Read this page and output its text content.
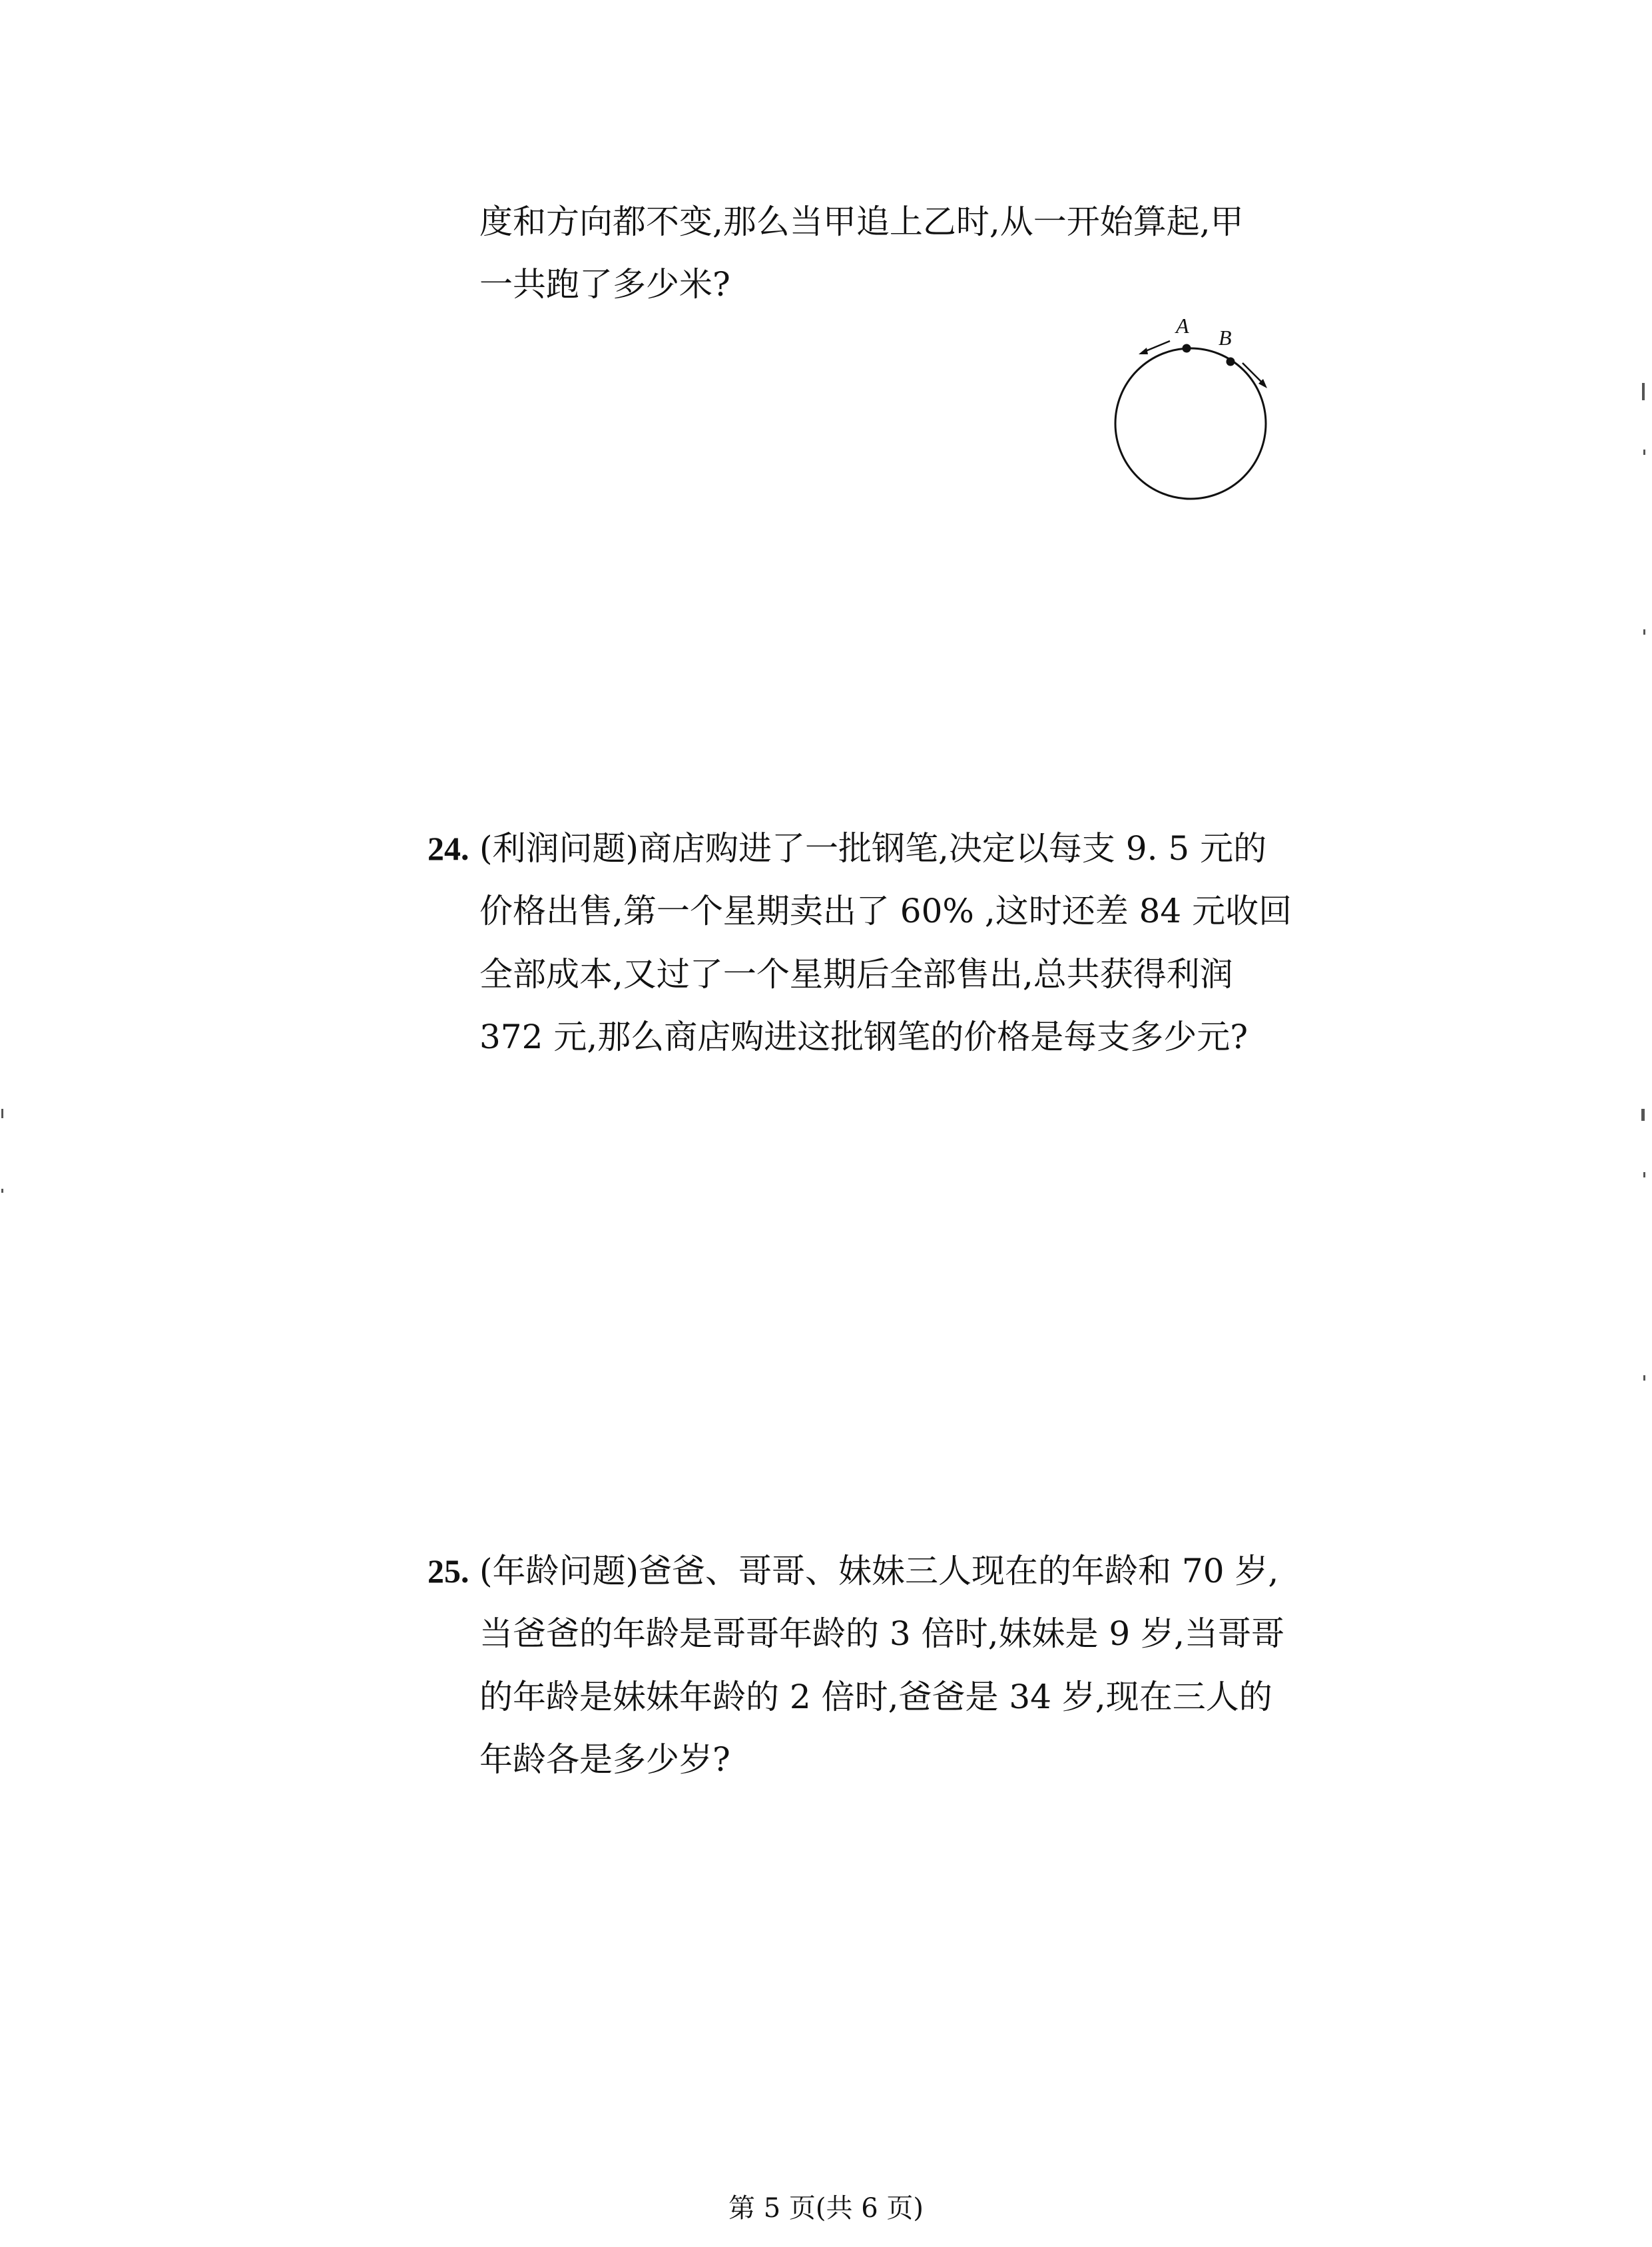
度和方向都不变,那么当甲追上乙时,从一开始算起,甲
一共跑了多少米?
A B
24. (利润问题)商店购进了一批钢笔,决定以每支 9. 5 元的
价格出售,第一个星期卖出了 60% ,这时还差 84 元收回
全部成本,又过了一个星期后全部售出,总共获得利润
372 元,那么商店购进这批钢笔的价格是每支多少元?
25. (年龄问题)爸爸、哥哥、妹妹三人现在的年龄和 70 岁,
当爸爸的年龄是哥哥年龄的 3 倍时,妹妹是 9 岁,当哥哥
的年龄是妹妹年龄的 2 倍时,爸爸是 34 岁,现在三人的
年龄各是多少岁?
第 5 页(共 6 页)
